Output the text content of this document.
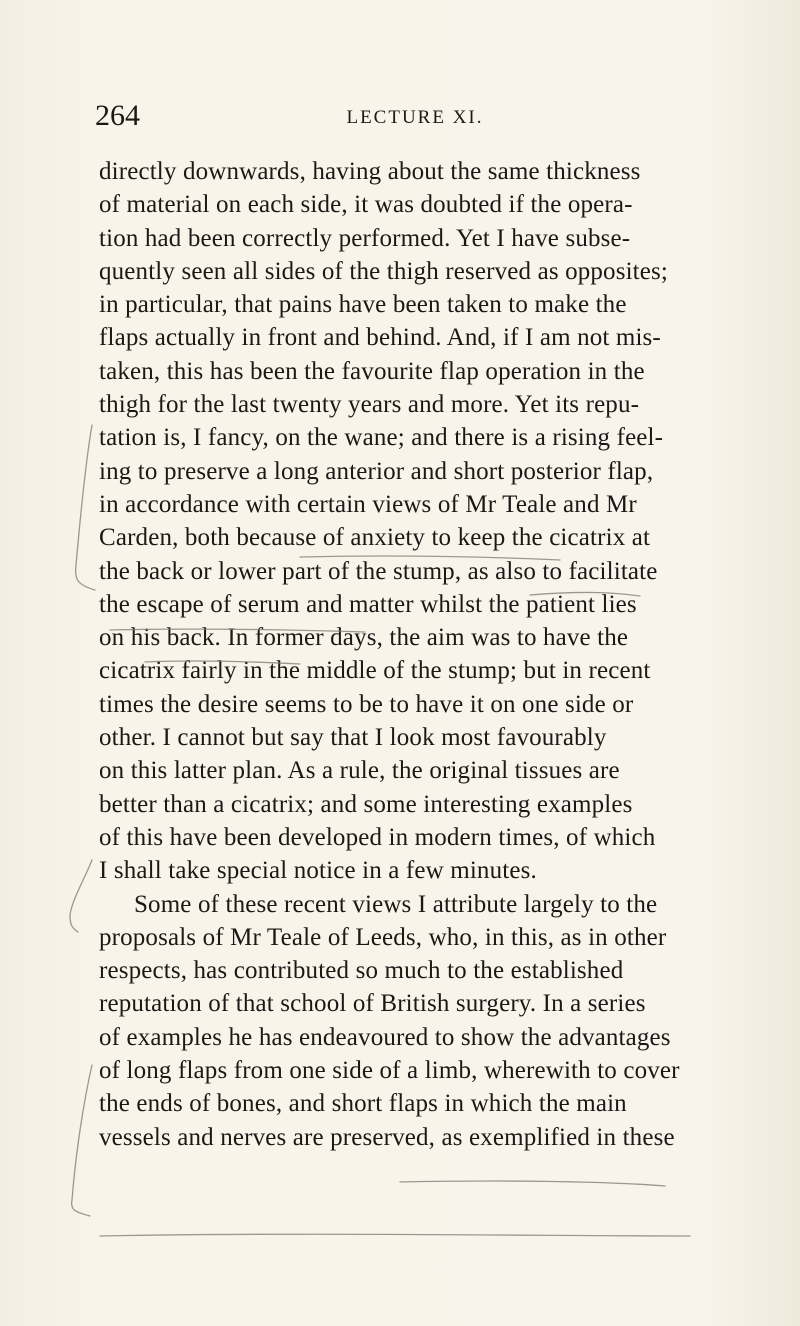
264	LECTURE XI.
directly downwards, having about the same thickness
of material on each side, it was doubted if the opera-
tion had been correctly performed. Yet I have subse-
quently seen all sides of the thigh reserved as opposites;
in particular, that pains have been taken to make the
flaps actually in front and behind. And, if I am not mis-
taken, this has been the favourite flap operation in the
thigh for the last twenty years and more. Yet its repu-
tation is, I fancy, on the wane; and there is a rising feel-
ing to preserve a long anterior and short posterior flap,
in accordance with certain views of Mr Teale and Mr
Carden, both because of anxiety to keep the cicatrix at
the back or lower part of the stump, as also to facilitate
the escape of serum and matter whilst the patient lies
on his back. In former days, the aim was to have the
cicatrix fairly in the middle of the stump; but in recent
times the desire seems to be to have it on one side or
other. I cannot but say that I look most favourably
on this latter plan. As a rule, the original tissues are
better than a cicatrix; and some interesting examples
of this have been developed in modern times, of which
I shall take special notice in a few minutes.
Some of these recent views I attribute largely to the
proposals of Mr Teale of Leeds, who, in this, as in other
respects, has contributed so much to the established
reputation of that school of British surgery. In a series
of examples he has endeavoured to show the advantages
of long flaps from one side of a limb, wherewith to cover
the ends of bones, and short flaps in which the main
vessels and nerves are preserved, as exemplified in these
